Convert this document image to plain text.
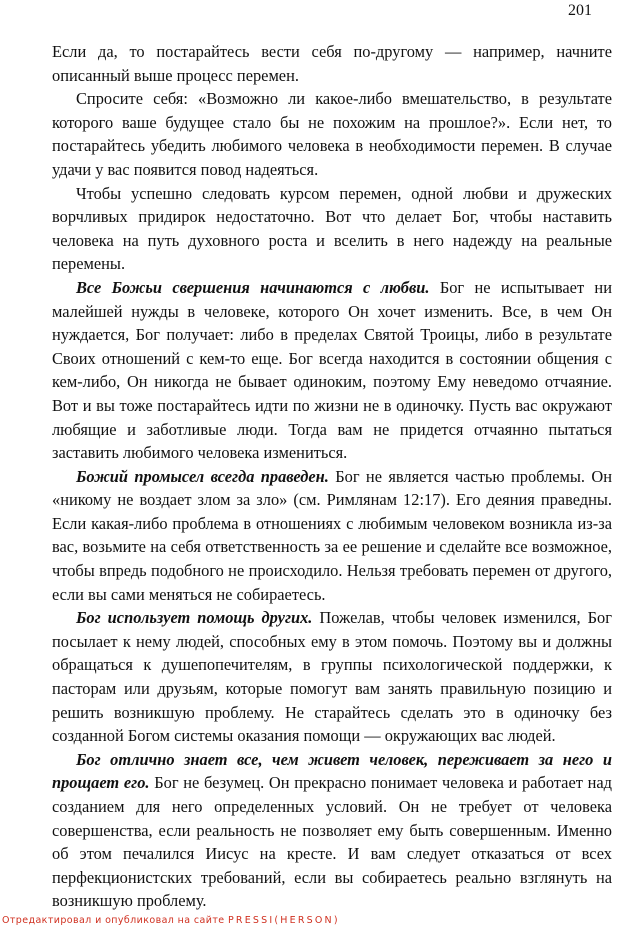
201

Если да, то постарайтесь вести себя по-другому — например, начните описанный выше процесс перемен.

Спросите себя: «Возможно ли какое-либо вмешательство, в результате которого ваше будущее стало бы не похожим на прошлое?». Если нет, то постарайтесь убедить любимого человека в необходимости перемен. В случае удачи у вас появится повод надеяться.

Чтобы успешно следовать курсом перемен, одной любви и дружеских ворчливых придирок недостаточно. Вот что делает Бог, чтобы наставить человека на путь духовного роста и вселить в него надежду на реальные перемены.

Все Божьи свершения начинаются с любви. Бог не испытывает ни малейшей нужды в человеке, которого Он хочет изменить. Все, в чем Он нуждается, Бог получает: либо в пределах Святой Троицы, либо в результате Своих отношений с кем-то еще. Бог всегда находится в состоянии общения с кем-либо, Он никогда не бывает одиноким, поэтому Ему неведомо отчаяние. Вот и вы тоже постарайтесь идти по жизни не в одиночку. Пусть вас окружают любящие и заботливые люди. Тогда вам не придется отчаянно пытаться заставить любимого человека измениться.

Божий промысел всегда праведен. Бог не является частью проблемы. Он «никому не воздает злом за зло» (см. Римлянам 12:17). Его деяния праведны. Если какая-либо проблема в отношениях с любимым человеком возникла из-за вас, возьмите на себя ответственность за ее решение и сделайте все возможное, чтобы впредь подобного не происходило. Нельзя требовать перемен от другого, если вы сами меняться не собираетесь.

Бог использует помощь других. Пожелав, чтобы человек изменился, Бог посылает к нему людей, способных ему в этом помочь. Поэтому вы и должны обращаться к душепопечителям, в группы психологической поддержки, к пасторам или друзьям, которые помогут вам занять правильную позицию и решить возникшую проблему. Не старайтесь сделать это в одиночку без созданной Богом системы оказания помощи — окружающих вас людей.

Бог отлично знает все, чем живет человек, переживает за него и прощает его. Бог не безумец. Он прекрасно понимает человека и работает над созданием для него определенных условий. Он не требует от человека совершенства, если реальность не позволяет ему быть совершенным. Именно об этом печалился Иисус на кресте. И вам следует отказаться от всех перфекционистских требований, если вы собираетесь реально взглянуть на возникшую проблему.

Отредактировал и опубликовал на сайте PRESSI(HERSON)
